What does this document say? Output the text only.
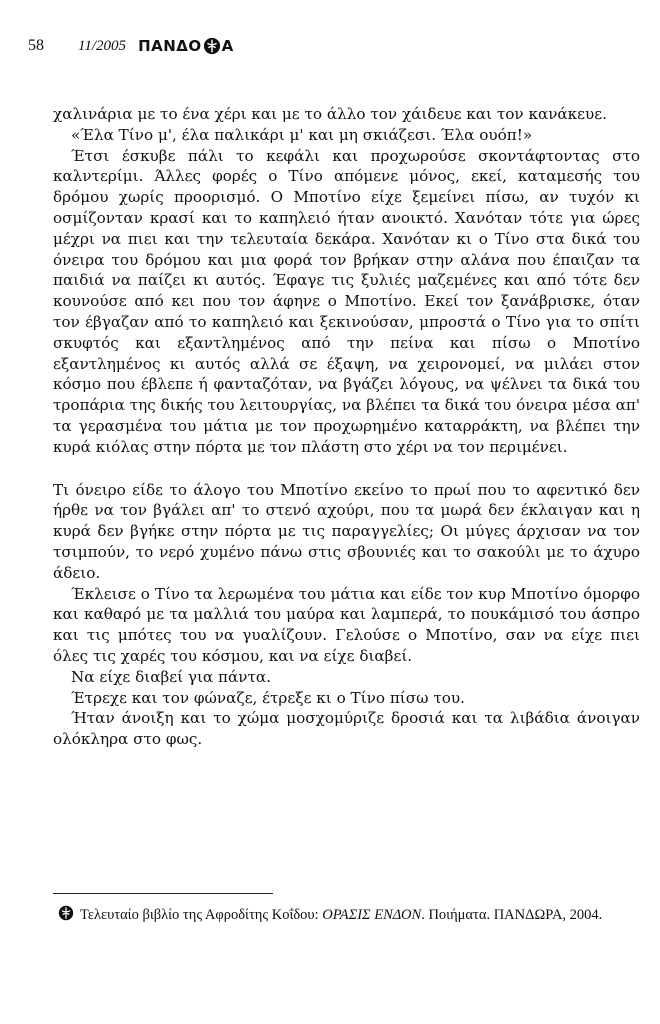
58 11/2005 ΠΑΝΔΟ Α

χαλινάρια με το ένα χέρι και με το άλλο τον χάιδευε και τον κανάκευε.

«Έλα Τίνο μ', έλα παλικάρι μ' και μη σκιάζεσι. Έλα ουόπ!»

Έτσι έσκυβε πάλι το κεφάλι και προχωρούσε σκοντάφτοντας στο καλντερίμι. Άλλες φορές ο Τίνο απόμενε μόνος, εκεί, καταμεσής του δρόμου χωρίς προορισμό. Ο Μποτίνο είχε ξεμείνει πίσω, αν τυχόν κι οσμίζονταν κρασί και το καπηλειό ήταν ανοικτό. Χανόταν τότε για ώρες μέχρι να πιει και την τελευταία δεκάρα. Χανόταν κι ο Τίνο στα δικά του όνειρα του δρόμου και μια φορά τον βρήκαν στην αλάνα που έπαιζαν τα παιδιά να παίζει κι αυτός. Έφαγε τις ξυλιές μαζεμένες και από τότε δεν κουνούσε από κει που τον άφηνε ο Μποτίνο. Εκεί τον ξανάβρισκε, όταν τον έβγαζαν από το καπηλειό και ξεκινούσαν, μπροστά ο Τίνο για το σπίτι σκυφτός και εξαντλημένος από την πείνα και πίσω ο Μποτίνο εξαντλημένος κι αυτός αλλά σε έξαψη, να χειρονομεί, να μιλάει στον κόσμο που έβλεπε ή φανταζόταν, να βγάζει λόγους, να ψέλνει τα δικά του τροπάρια της δικής του λειτουργίας, να βλέπει τα δικά του όνειρα μέσα απ' τα γερασμένα του μάτια με τον προχωρημένο καταρράκτη, να βλέπει την κυρά κιόλας στην πόρτα με τον πλάστη στο χέρι να τον περιμένει.

Τι όνειρο είδε το άλογο του Μποτίνο εκείνο το πρωί που το αφεντικό δεν ήρθε να τον βγάλει απ' το στενό αχούρι, που τα μωρά δεν έκλαιγαν και η κυρά δεν βγήκε στην πόρτα με τις παραγγελίες; Οι μύγες άρχισαν να τον τσιμπούν, το νερό χυμένο πάνω στις σβουνιές και το σακούλι με το άχυρο άδειο.

Έκλεισε ο Τίνο τα λερωμένα του μάτια και είδε τον κυρ Μποτίνο όμορφο και καθαρό με τα μαλλιά του μαύρα και λαμπερά, το πουκάμισό του άσπρο και τις μπότες του να γυαλίζουν. Γελούσε ο Μποτίνο, σαν να είχε πιει όλες τις χαρές του κόσμου, και να είχε διαβεί.

Να είχε διαβεί για πάντα.

Έτρεχε και τον φώναζε, έτρεξε κι ο Τίνο πίσω του.

Ήταν άνοιξη και το χώμα μοσχομύριζε δροσιά και τα λιβάδια άνοιγαν ολόκληρα στο φως.

Τελευταίο βιβλίο της Αφροδίτης Κοΐδου: ΟΡΑΣΙΣ ΕΝΔΟΝ. Ποιήματα. ΠΑΝΔΩΡΑ, 2004.
